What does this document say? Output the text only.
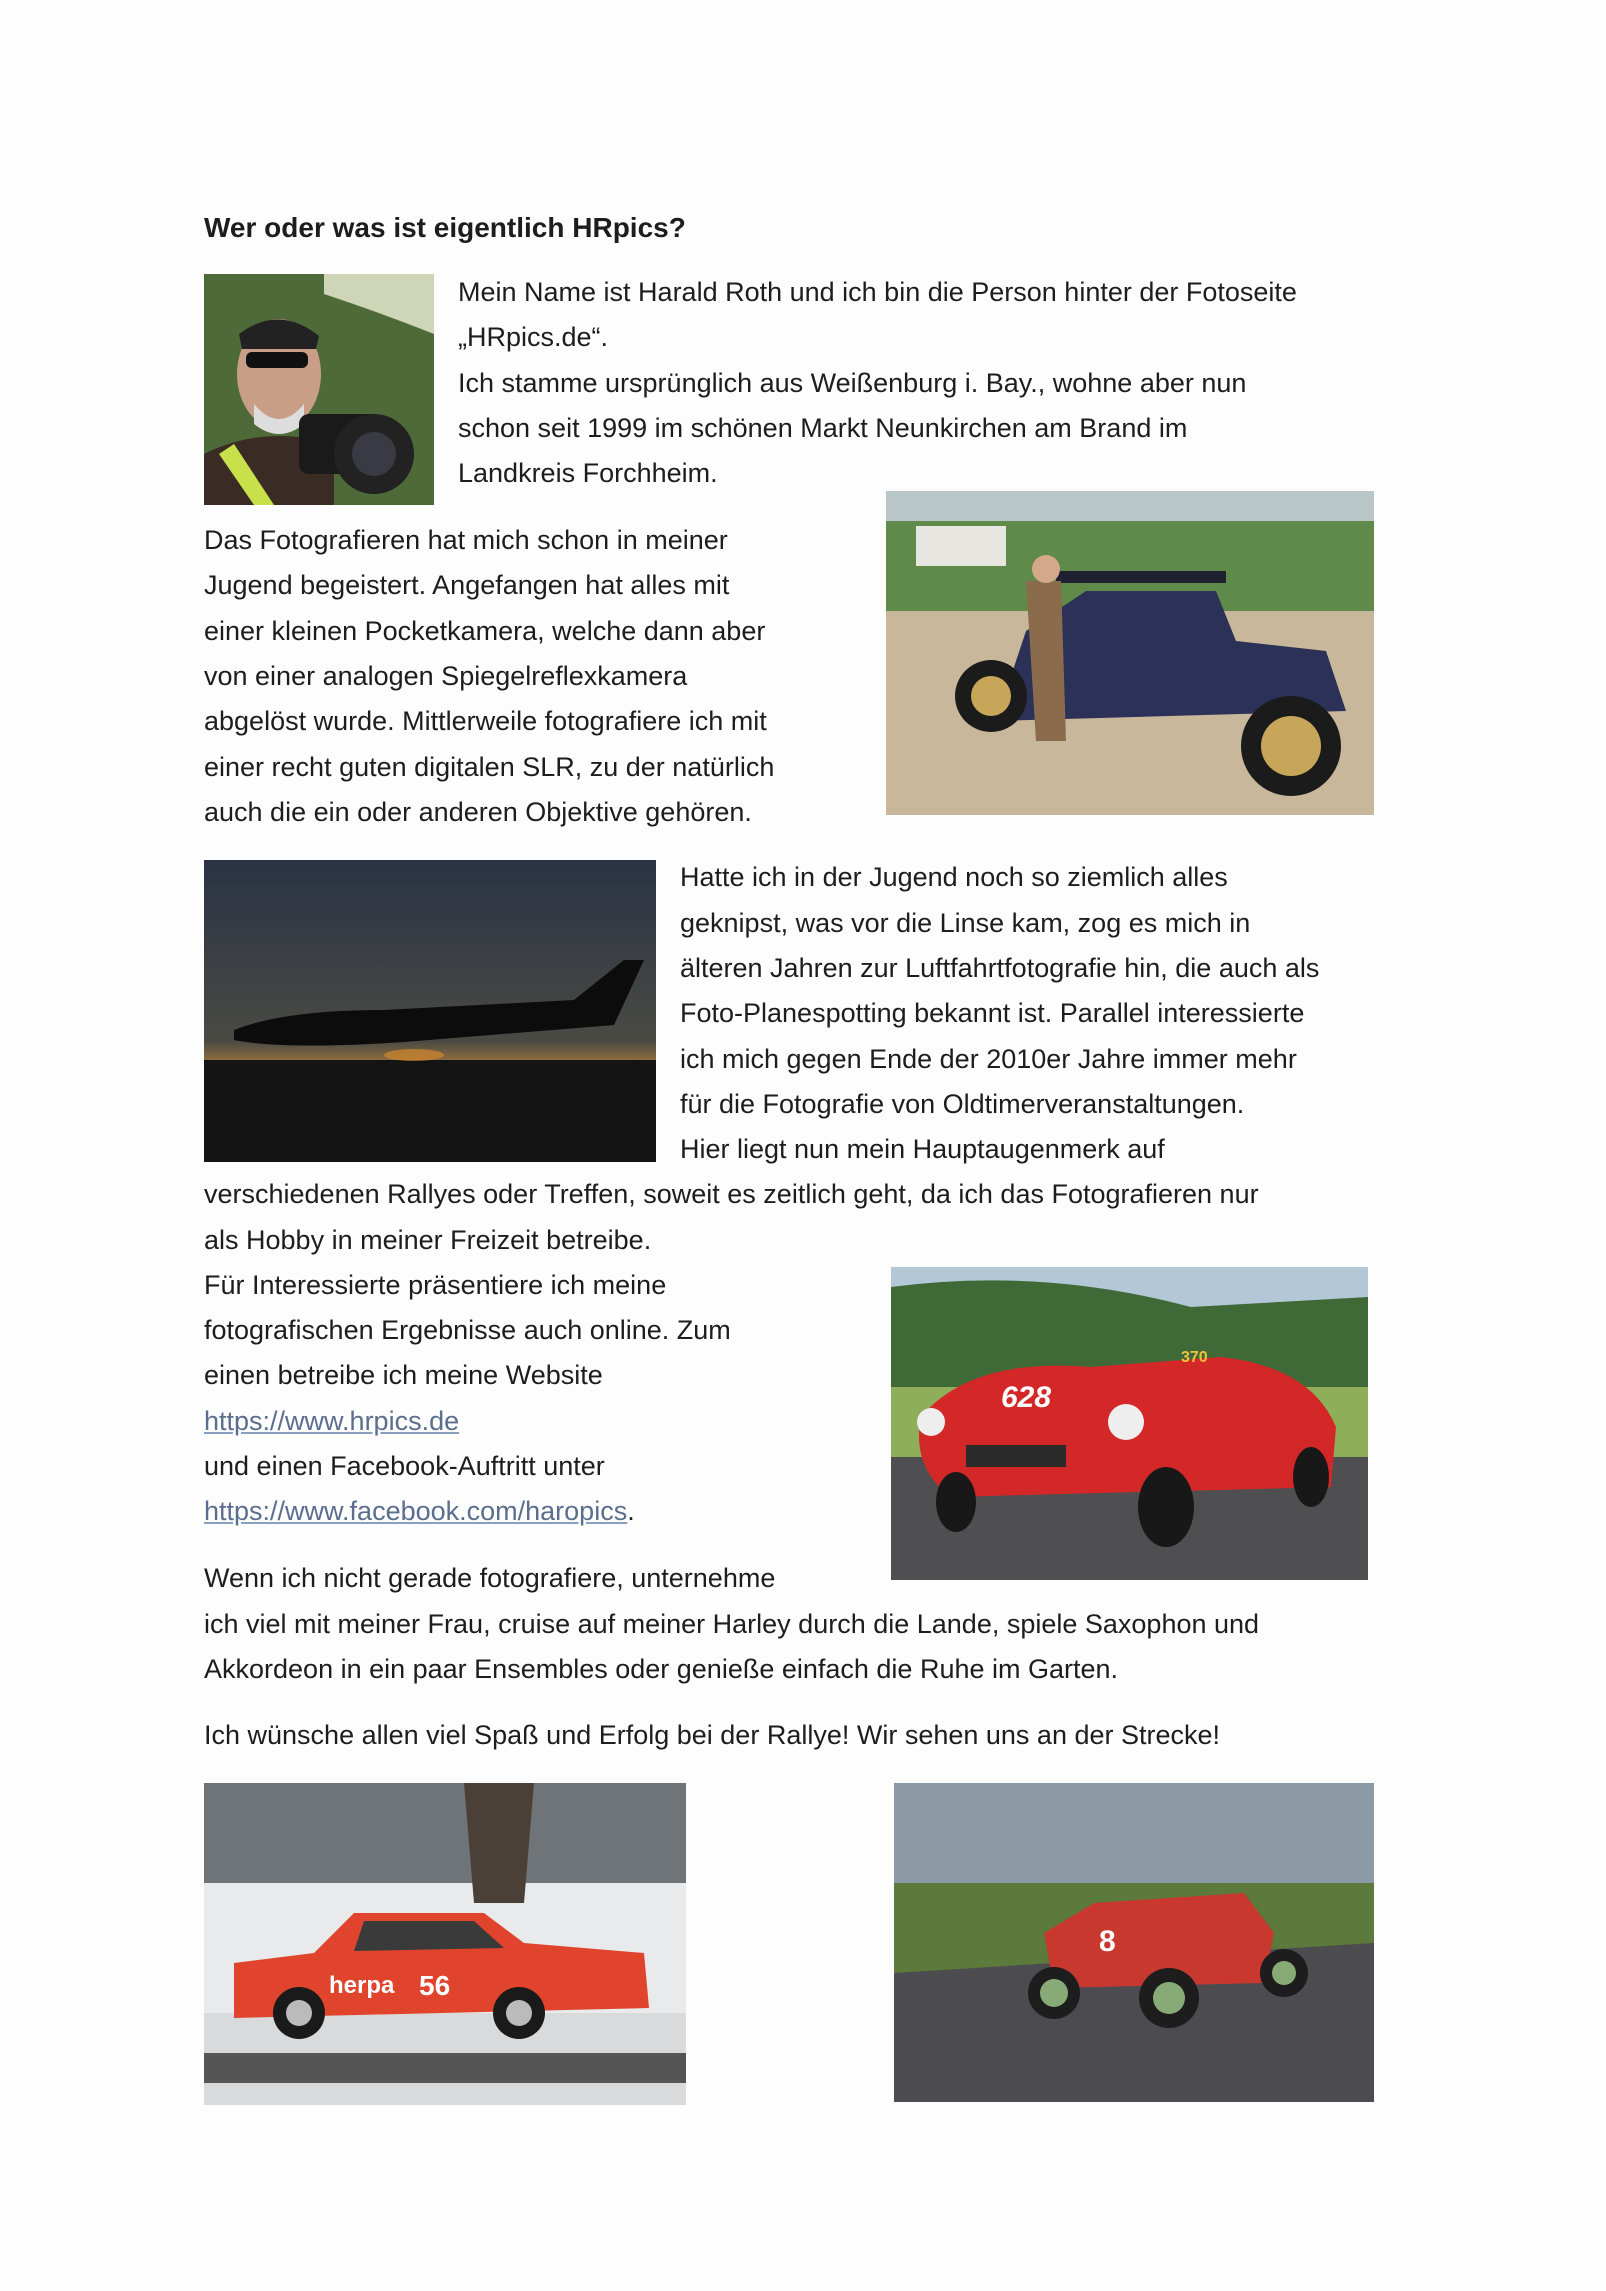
Wer oder was ist eigentlich HRpics?
Mein Name ist Harald Roth und ich bin die Person hinter der Fotoseite
„HRpics.de“.
Ich stamme ursprünglich aus Weißenburg i. Bay., wohne aber nun
schon seit 1999 im schönen Markt Neunkirchen am Brand im
Landkreis Forchheim.
Das Fotografieren hat mich schon in meiner
Jugend begeistert. Angefangen hat alles mit
einer kleinen Pocketkamera, welche dann aber
von einer analogen Spiegelreflexkamera
abgelöst wurde. Mittlerweile fotografiere ich mit
einer recht guten digitalen SLR, zu der natürlich
auch die ein oder anderen Objektive gehören.
Hatte ich in der Jugend noch so ziemlich alles
geknipst, was vor die Linse kam, zog es mich in
älteren Jahren zur Luftfahrtfotografie hin, die auch als
Foto-Planespotting bekannt ist. Parallel interessierte
ich mich gegen Ende der 2010er Jahre immer mehr
für die Fotografie von Oldtimerveranstaltungen.
Hier liegt nun mein Hauptaugenmerk auf
verschiedenen Rallyes oder Treffen, soweit es zeitlich geht, da ich das Fotografieren nur
als Hobby in meiner Freizeit betreibe.
628
370
Für Interessierte präsentiere ich meine
fotografischen Ergebnisse auch online. Zum
einen betreibe ich meine Website
https://www.hrpics.de
und einen Facebook-Auftritt unter
https://www.facebook.com/haropics.
Wenn ich nicht gerade fotografiere, unternehme
ich viel mit meiner Frau, cruise auf meiner Harley durch die Lande, spiele Saxophon und
Akkordeon in ein paar Ensembles oder genieße einfach die Ruhe im Garten.
Ich wünsche allen viel Spaß und Erfolg bei der Rallye! Wir sehen uns an der Strecke!
herpa 56
8
